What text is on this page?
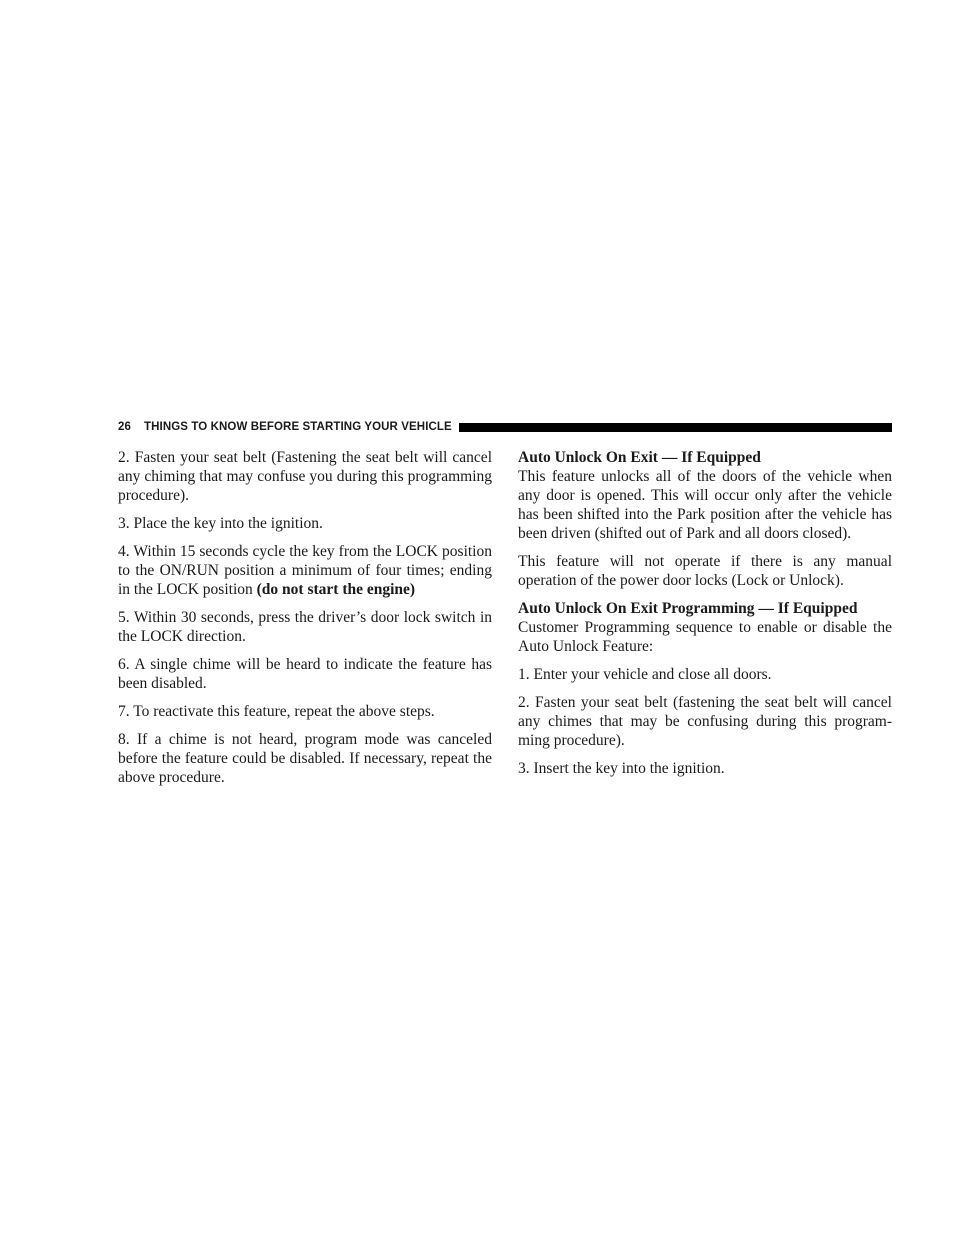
26 THINGS TO KNOW BEFORE STARTING YOUR VEHICLE

2. Fasten your seat belt (Fastening the seat belt will cancel any chiming that may confuse you during this programming procedure).

3. Place the key into the ignition.

4. Within 15 seconds cycle the key from the LOCK position to the ON/RUN position a minimum of four times; ending in the LOCK position (do not start the engine)

5. Within 30 seconds, press the driver’s door lock switch in the LOCK direction.

6. A single chime will be heard to indicate the feature has been disabled.

7. To reactivate this feature, repeat the above steps.

8. If a chime is not heard, program mode was canceled before the feature could be disabled. If necessary, repeat the above procedure.

Auto Unlock On Exit — If Equipped

This feature unlocks all of the doors of the vehicle when any door is opened. This will occur only after the vehicle has been shifted into the Park position after the vehicle has been driven (shifted out of Park and all doors closed).

This feature will not operate if there is any manual operation of the power door locks (Lock or Unlock).

Auto Unlock On Exit Programming — If Equipped

Customer Programming sequence to enable or disable the Auto Unlock Feature:

1. Enter your vehicle and close all doors.

2. Fasten your seat belt (fastening the seat belt will cancel any chimes that may be confusing during this program-ming procedure).

3. Insert the key into the ignition.
